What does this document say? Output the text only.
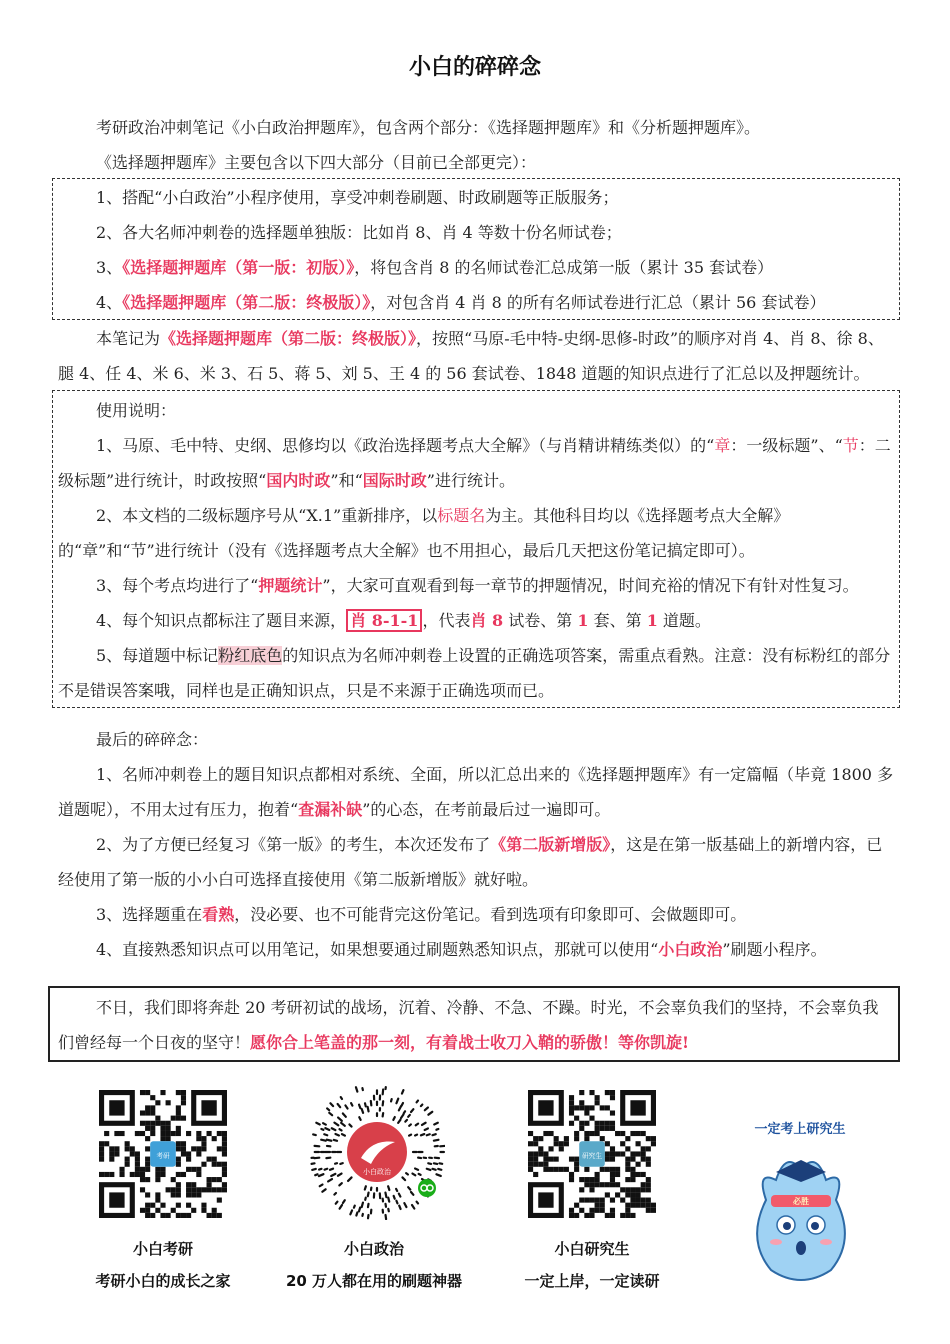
小白的碎碎念

考研政治冲刺笔记《小白政治押题库》，包含两个部分：《选择题押题库》和《分析题押题库》。

《选择题押题库》主要包含以下四大部分（目前已全部更完）：

1、搭配“小白政治”小程序使用，享受冲刺卷刷题、时政刷题等正版服务；

2、各大名师冲刺卷的选择题单独版：比如肖 8、肖 4 等数十份名师试卷；

3、《选择题押题库（第一版：初版）》，将包含肖 8 的名师试卷汇总成第一版（累计 35 套试卷）

4、《选择题押题库（第二版：终极版）》，对包含肖 4 肖 8 的所有名师试卷进行汇总（累计 56 套试卷）

本笔记为《选择题押题库（第二版：终极版）》，按照“马原-毛中特-史纲-思修-时政”的顺序对肖 4、肖 8、徐 8、腿 4、任 4、米 6、米 3、石 5、蒋 5、刘 5、王 4 的 56 套试卷、1848 道题的知识点进行了汇总以及押题统计。

使用说明：

1、马原、毛中特、史纲、思修均以《政治选择题考点大全解》（与肖精讲精练类似）的“章：一级标题”、“节：二级标题”进行统计，时政按照“国内时政”和“国际时政”进行统计。

2、本文档的二级标题序号从“X.1”重新排序，以标题名为主。其他科目均以《选择题考点大全解》的“章”和“节”进行统计（没有《选择题考点大全解》也不用担心，最后几天把这份笔记搞定即可）。

3、每个考点均进行了“押题统计”，大家可直观看到每一章节的押题情况，时间充裕的情况下有针对性复习。

4、每个知识点都标注了题目来源， 肖 8-1-1 ，代表肖 8 试卷、第 1 套、第 1 道题。

5、每道题中标记粉红底色的知识点为名师冲刺卷上设置的正确选项答案，需重点看熟。注意：没有标粉红的部分不是错误答案哦，同样也是正确知识点，只是不来源于正确选项而已。

最后的碎碎念：

1、名师冲刺卷上的题目知识点都相对系统、全面，所以汇总出来的《选择题押题库》有一定篇幅（毕竟 1800 多道题呢），不用太过有压力，抱着“查漏补缺”的心态，在考前最后过一遍即可。

2、为了方便已经复习《第一版》的考生，本次还发布了《第二版新增版》，这是在第一版基础上的新增内容，已经使用了第一版的小小白可选择直接使用《第二版新增版》就好啦。

3、选择题重在看熟，没必要、也不可能背完这份笔记。看到选项有印象即可、会做题即可。

4、直接熟悉知识点可以用笔记，如果想要通过刷题熟悉知识点，那就可以使用“小白政治”刷题小程序。

不日，我们即将奔赴 20 考研初试的战场，沉着、冷静、不急、不躁。时光，不会辜负我们的坚持，不会辜负我们曾经每一个日夜的坚守！愿你合上笔盖的那一刻，有着战士收刀入鞘的骄傲！等你凯旋!

考研
小白政治
研究生
一定考上研究生
必胜
小白考研
考研小白的成长之家
小白政治
20 万人都在用的刷题神器
小白研究生
一定上岸，一定读研
